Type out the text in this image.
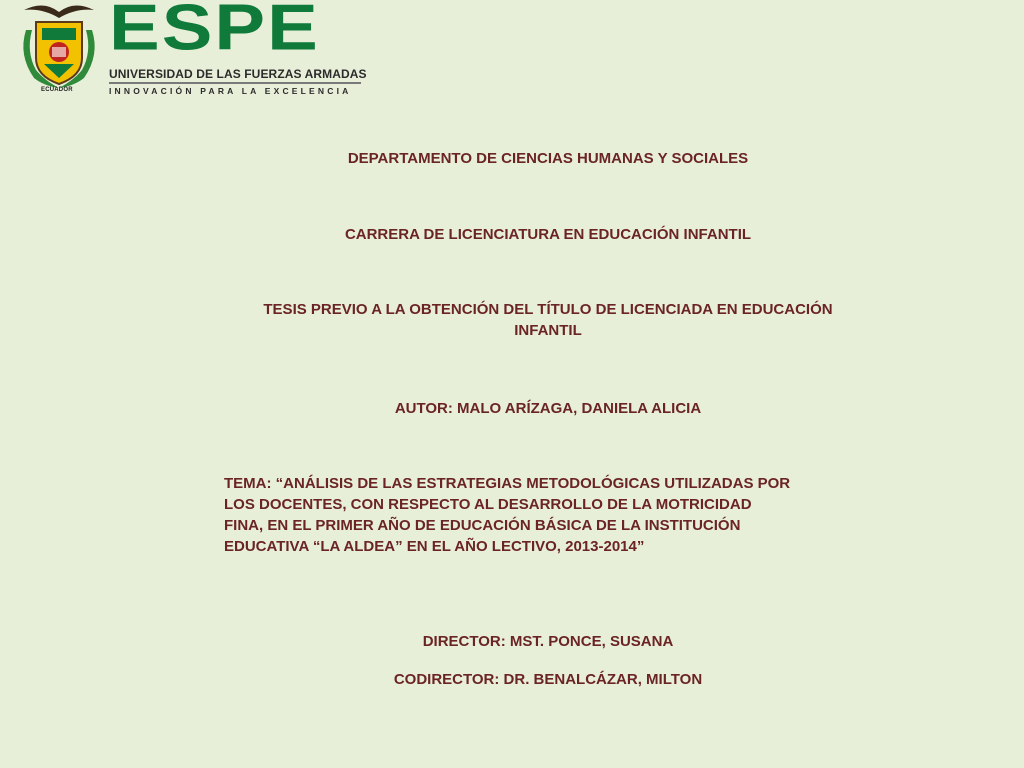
ECUADOR
ESPE
UNIVERSIDAD DE LAS FUERZAS ARMADAS
INNOVACIÓN PARA LA EXCELENCIA
DEPARTAMENTO DE CIENCIAS HUMANAS Y SOCIALES
CARRERA DE LICENCIATURA EN EDUCACIÓN INFANTIL
TESIS PREVIO A LA OBTENCIÓN DEL TÍTULO DE LICENCIADA EN EDUCACIÓN
INFANTIL
AUTOR: MALO ARÍZAGA, DANIELA ALICIA
TEMA: “ANÁLISIS DE LAS ESTRATEGIAS METODOLÓGICAS UTILIZADAS POR
LOS DOCENTES, CON RESPECTO AL DESARROLLO DE LA MOTRICIDAD
FINA, EN EL PRIMER AÑO DE EDUCACIÓN BÁSICA DE LA INSTITUCIÓN
EDUCATIVA “LA ALDEA” EN EL AÑO LECTIVO, 2013-2014”
DIRECTOR: MST. PONCE, SUSANA
CODIRECTOR: DR. BENALCÁZAR, MILTON
